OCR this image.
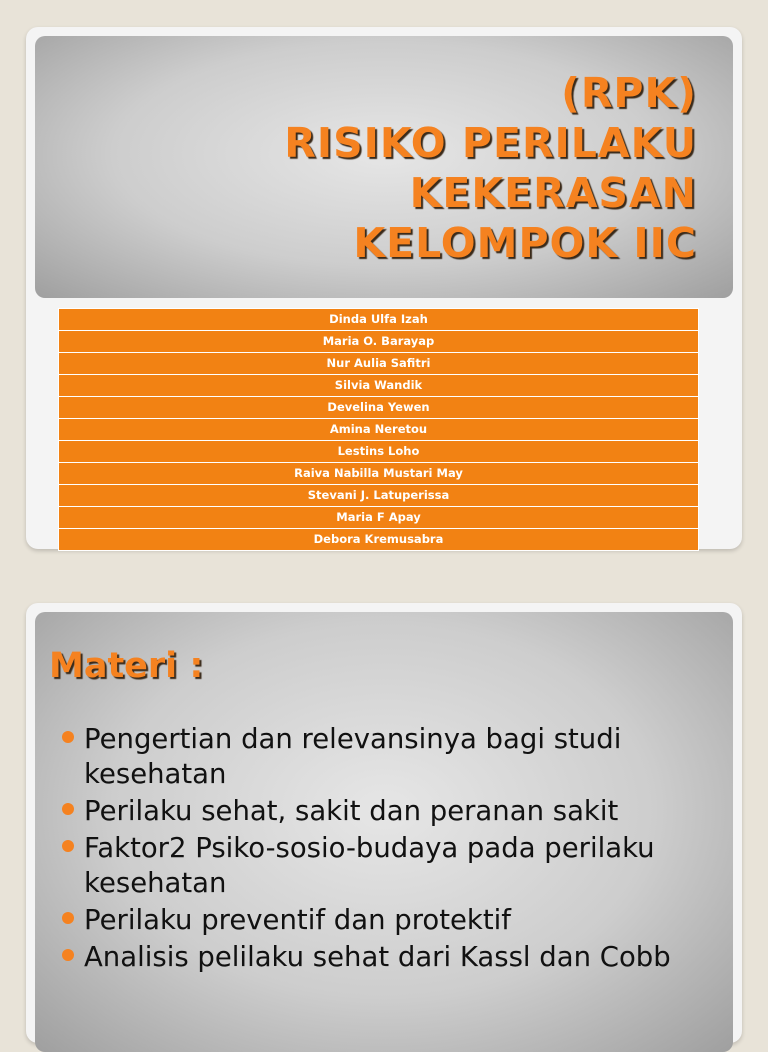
(RPK)
RISIKO PERILAKU
KEKERASAN
KELOMPOK IIC
Dinda Ulfa Izah
Maria O. Barayap
Nur Aulia Safitri
Silvia Wandik
Develina Yewen
Amina Neretou
Lestins Loho
Raiva Nabilla Mustari May
Stevani J. Latuperissa
Maria F Apay
Debora Kremusabra
Materi :
Pengertian dan relevansinya bagi studi kesehatan
Perilaku sehat, sakit dan peranan sakit
Faktor2 Psiko-sosio-budaya pada perilaku kesehatan
Perilaku preventif dan protektif
Analisis pelilaku sehat dari Kassl dan Cobb
